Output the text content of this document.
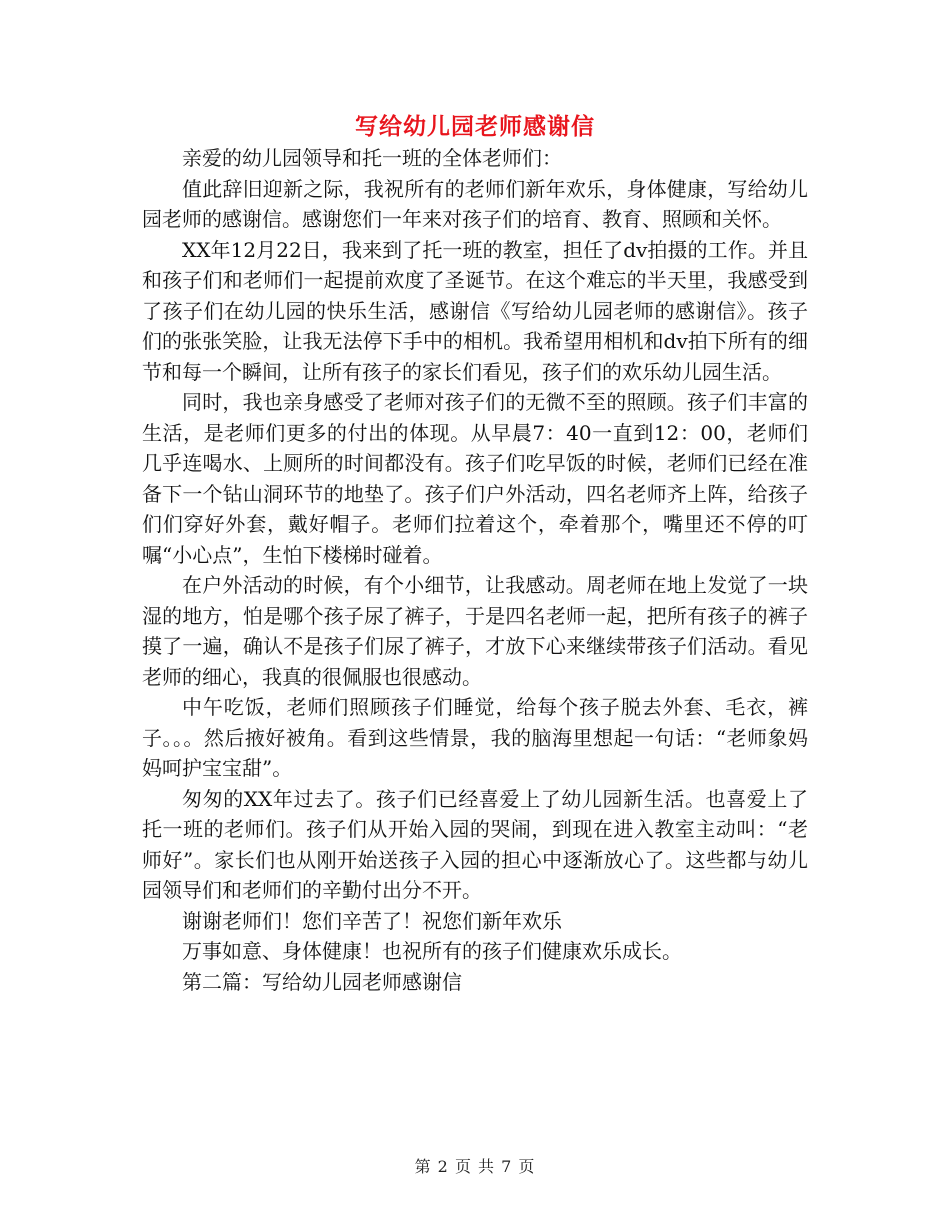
写给幼儿园老师感谢信

亲爱的幼儿园领导和托一班的全体老师们：

值此辞旧迎新之际，我祝所有的老师们新年欢乐，身体健康，写给幼儿园老师的感谢信。感谢您们一年来对孩子们的培育、教育、照顾和关怀。

XX年12月22日，我来到了托一班的教室，担任了dv拍摄的工作。并且和孩子们和老师们一起提前欢度了圣诞节。在这个难忘的半天里，我感受到了孩子们在幼儿园的快乐生活，感谢信《写给幼儿园老师的感谢信》。孩子们的张张笑脸，让我无法停下手中的相机。我希望用相机和dv拍下所有的细节和每一个瞬间，让所有孩子的家长们看见，孩子们的欢乐幼儿园生活。

同时，我也亲身感受了老师对孩子们的无微不至的照顾。孩子们丰富的生活，是老师们更多的付出的体现。从早晨7：40一直到12：00，老师们几乎连喝水、上厕所的时间都没有。孩子们吃早饭的时候，老师们已经在准备下一个钻山洞环节的地垫了。孩子们户外活动，四名老师齐上阵，给孩子们们穿好外套，戴好帽子。老师们拉着这个，牵着那个，嘴里还不停的叮嘱“小心点”，生怕下楼梯时碰着。

在户外活动的时候，有个小细节，让我感动。周老师在地上发觉了一块湿的地方，怕是哪个孩子尿了裤子，于是四名老师一起，把所有孩子的裤子摸了一遍，确认不是孩子们尿了裤子，才放下心来继续带孩子们活动。看见老师的细心，我真的很佩服也很感动。

中午吃饭，老师们照顾孩子们睡觉，给每个孩子脱去外套、毛衣，裤子。。。然后掖好被角。看到这些情景，我的脑海里想起一句话：“老师象妈妈呵护宝宝甜”。

匆匆的XX年过去了。孩子们已经喜爱上了幼儿园新生活。也喜爱上了托一班的老师们。孩子们从开始入园的哭闹，到现在进入教室主动叫：“老师好”。家长们也从刚开始送孩子入园的担心中逐渐放心了。这些都与幼儿园领导们和老师们的辛勤付出分不开。

谢谢老师们！您们辛苦了！祝您们新年欢乐

万事如意、身体健康！也祝所有的孩子们健康欢乐成长。

第二篇：写给幼儿园老师感谢信

第 2 页 共 7 页
